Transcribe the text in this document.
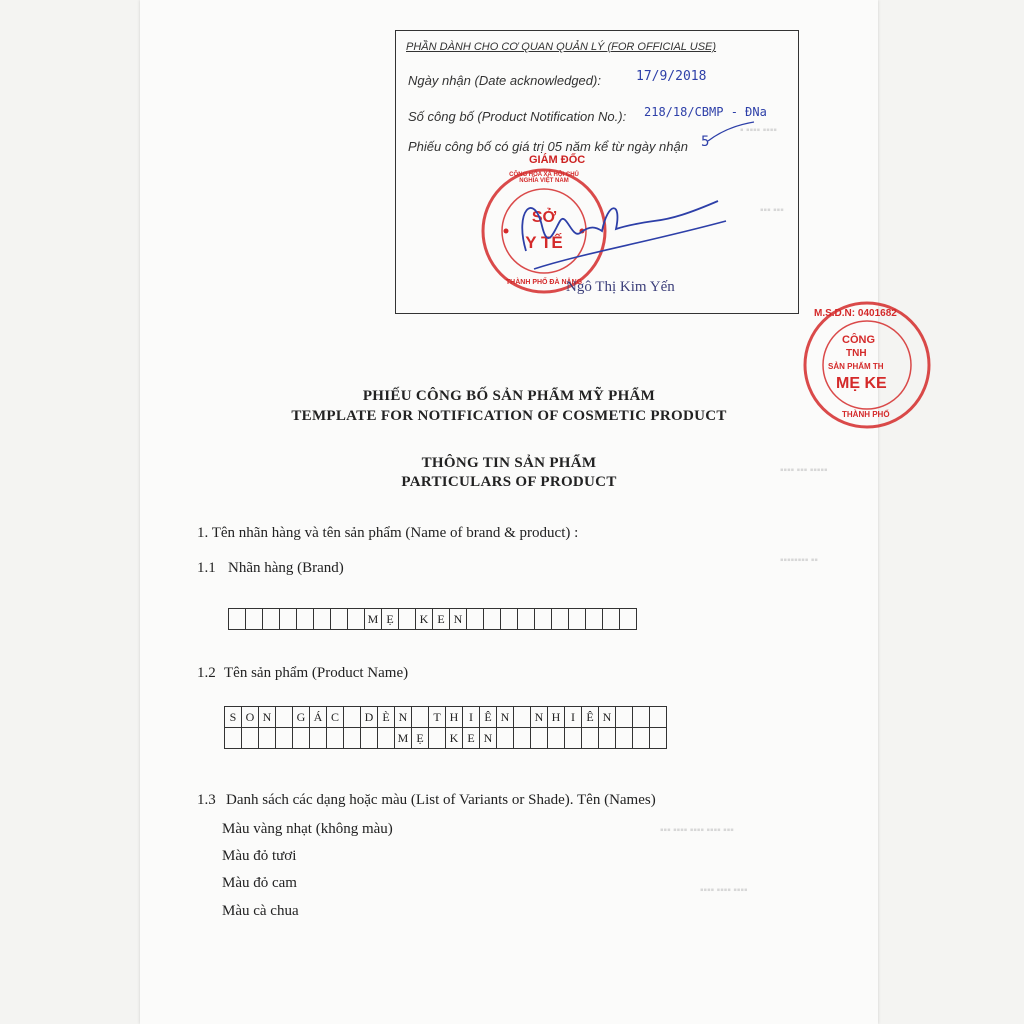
▪ ▪▪▪▪ ▪▪▪▪
▪▪▪ ▪▪▪
▪▪▪▪ ▪▪▪ ▪▪▪▪▪
▪▪▪▪▪▪▪▪ ▪▪
▪▪▪ ▪▪▪▪ ▪▪▪▪ ▪▪▪▪ ▪▪▪
▪▪▪▪ ▪▪▪▪ ▪▪▪▪
PHẦN DÀNH CHO CƠ QUAN QUẢN LÝ (FOR OFFICIAL USE)
Ngày nhận (Date acknowledged):	17/9/2018
Số công bố (Product Notification No.): 218/18/CBMP - ĐNa
Phiếu công bố có giá trị 05 năm kể từ ngày nhận 5
GIÁM ĐỐC
CỘNG HÒA XÃ HỘI CHỦ NGHĨA VIỆT NAM
THÀNH PHỐ ĐÀ NẴNG
SỞ
Y TẾ
Ngô Thị Kim Yến
M.S.D.N: 0401682
CÔNG
TNH
SẢN PHẨM TH
MẸ KE
THÀNH PHỐ
PHIẾU CÔNG BỐ SẢN PHẨM MỸ PHẨM
TEMPLATE FOR NOTIFICATION OF COSMETIC PRODUCT
THÔNG TIN SẢN PHẨM
PARTICULARS OF PRODUCT
1. Tên nhãn hàng và tên sản phẩm (Name of brand & product) :
1.1 Nhãn hàng (Brand)
M Ẹ	K E N
1.2 Tên sản phẩm (Product Name)
S O N	G Á C	D È N	T H I Ê N	N H I Ê N
M Ẹ	K E N
1.3 Danh sách các dạng hoặc màu (List of Variants or Shade). Tên (Names)
Màu vàng nhạt (không màu)
Màu đỏ tươi
Màu đỏ cam
Màu cà chua
